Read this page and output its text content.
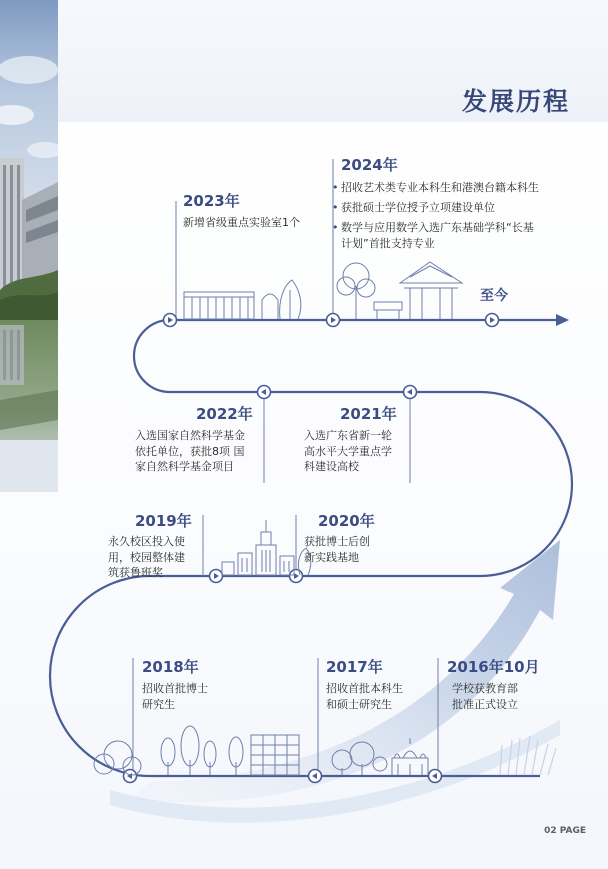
发展历程
2023年

新增省级重点实验室1个

2024年

• 招收艺术类专业本科生和港澳台籍本科生

• 获批硕士学位授予立项建设单位

• 数学与应用数学入选广东基础学科“长基

计划”首批支持专业

至今
2022年

入选国家自然科学基金

依托单位，获批8项 国

家自然科学基金项目

2021年

入选广东省新一轮

高水平大学重点学

科建设高校

2019年

永久校区投入使

用，校园整体建

筑获鲁班奖

2020年

获批博士后创

新实践基地

2018年

招收首批博士

研究生

2017年

招收首批本科生

和硕士研究生

2016年10月

学校获教育部

批准正式设立

02 PAGE
